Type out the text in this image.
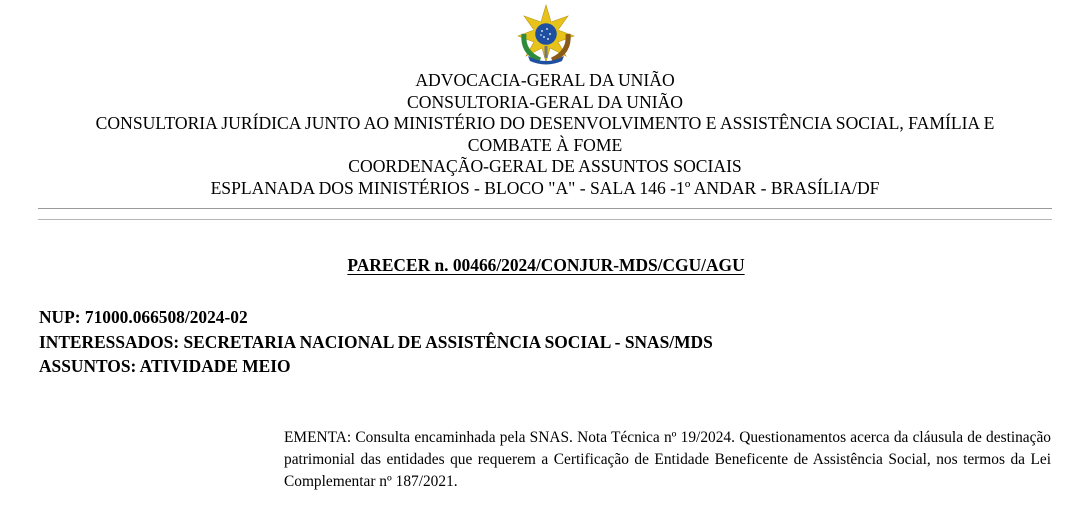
ADVOCACIA-GERAL DA UNIÃO
CONSULTORIA-GERAL DA UNIÃO
CONSULTORIA JURÍDICA JUNTO AO MINISTÉRIO DO DESENVOLVIMENTO E ASSISTÊNCIA SOCIAL, FAMÍLIA E
COMBATE À FOME
COORDENAÇÃO-GERAL DE ASSUNTOS SOCIAIS
ESPLANADA DOS MINISTÉRIOS - BLOCO "A" - SALA 146 -1º ANDAR - BRASÍLIA/DF
PARECER n. 00466/2024/CONJUR-MDS/CGU/AGU
NUP: 71000.066508/2024-02
INTERESSADOS: SECRETARIA NACIONAL DE ASSISTÊNCIA SOCIAL - SNAS/MDS
ASSUNTOS: ATIVIDADE MEIO
EMENTA: Consulta encaminhada pela SNAS. Nota Técnica nº 19/2024. Questionamentos acerca da cláusula de destinação patrimonial das entidades que requerem a Certificação de Entidade Beneficente de Assistência Social, nos termos da Lei Complementar nº 187/2021.
